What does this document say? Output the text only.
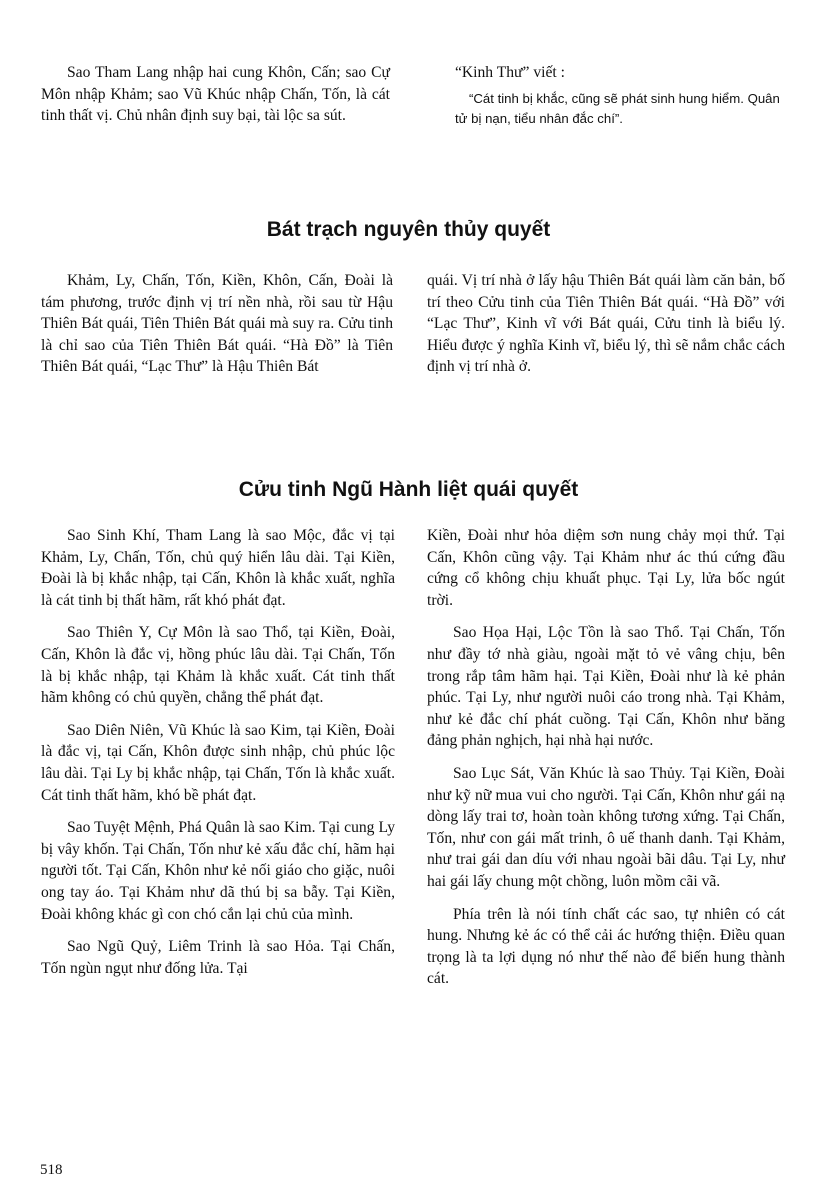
Sao Tham Lang nhập hai cung Khôn, Cấn; sao Cự Môn nhập Khảm; sao Vũ Khúc nhập Chấn, Tốn, là cát tinh thất vị. Chủ nhân định suy bại, tài lộc sa sút.

“Kinh Thư” viết :

“Cát tinh bị khắc, cũng sẽ phát sinh hung hiểm. Quân tử bị nạn, tiểu nhân đắc chí”.

Bát trạch nguyên thủy quyết

Khảm, Ly, Chấn, Tốn, Kiền, Khôn, Cấn, Đoài là tám phương, trước định vị trí nền nhà, rồi sau từ Hậu Thiên Bát quái, Tiên Thiên Bát quái mà suy ra. Cửu tinh là chỉ sao của Tiên Thiên Bát quái. “Hà Đồ” là Tiên Thiên Bát quái, “Lạc Thư” là Hậu Thiên Bát

quái. Vị trí nhà ở lấy hậu Thiên Bát quái làm căn bản, bố trí theo Cửu tinh của Tiên Thiên Bát quái. “Hà Đồ” với “Lạc Thư”, Kinh vĩ với Bát quái, Cửu tinh là biểu lý. Hiểu được ý nghĩa Kinh vĩ, biểu lý, thì sẽ nắm chắc cách định vị trí nhà ở.

Cửu tinh Ngũ Hành liệt quái quyết

Sao Sinh Khí, Tham Lang là sao Mộc, đắc vị tại Khảm, Ly, Chấn, Tốn, chủ quý hiển lâu dài. Tại Kiền, Đoài là bị khắc nhập, tại Cấn, Khôn là khắc xuất, nghĩa là cát tinh bị thất hãm, rất khó phát đạt.

Sao Thiên Y, Cự Môn là sao Thổ, tại Kiền, Đoài, Cấn, Khôn là đắc vị, hồng phúc lâu dài. Tại Chấn, Tốn là bị khắc nhập, tại Khảm là khắc xuất. Cát tinh thất hãm không có chủ quyền, chẳng thể phát đạt.

Sao Diên Niên, Vũ Khúc là sao Kim, tại Kiền, Đoài là đắc vị, tại Cấn, Khôn được sinh nhập, chủ phúc lộc lâu dài. Tại Ly bị khắc nhập, tại Chấn, Tốn là khắc xuất. Cát tinh thất hãm, khó bề phát đạt.

Sao Tuyệt Mệnh, Phá Quân là sao Kim. Tại cung Ly bị vây khốn. Tại Chấn, Tốn như kẻ xấu đắc chí, hãm hại người tốt. Tại Cấn, Khôn như kẻ nối giáo cho giặc, nuôi ong tay áo. Tại Khảm như dã thú bị sa bẫy. Tại Kiền, Đoài không khác gì con chó cắn lại chủ của mình.

Sao Ngũ Quỷ, Liêm Trinh là sao Hỏa. Tại Chấn, Tốn ngùn ngụt như đống lửa. Tại

Kiền, Đoài như hỏa diệm sơn nung chảy mọi thứ. Tại Cấn, Khôn cũng vậy. Tại Khảm như ác thú cứng đầu cứng cổ không chịu khuất phục. Tại Ly, lửa bốc ngút trời.

Sao Họa Hại, Lộc Tồn là sao Thổ. Tại Chấn, Tốn như đầy tớ nhà giàu, ngoài mặt tỏ vẻ vâng chịu, bên trong rắp tâm hãm hại. Tại Kiền, Đoài như là kẻ phản phúc. Tại Ly, như người nuôi cáo trong nhà. Tại Khảm, như kẻ đắc chí phát cuồng. Tại Cấn, Khôn như băng đảng phản nghịch, hại nhà hại nước.

Sao Lục Sát, Văn Khúc là sao Thủy. Tại Kiền, Đoài như kỹ nữ mua vui cho người. Tại Cấn, Khôn như gái nạ dòng lấy trai tơ, hoàn toàn không tương xứng. Tại Chấn, Tốn, như con gái mất trinh, ô uế thanh danh. Tại Khảm, như trai gái dan díu với nhau ngoài bãi dâu. Tại Ly, như hai gái lấy chung một chồng, luôn mồm cãi vã.

Phía trên là nói tính chất các sao, tự nhiên có cát hung. Nhưng kẻ ác có thể cải ác hướng thiện. Điều quan trọng là ta lợi dụng nó như thế nào để biến hung thành cát.

518
